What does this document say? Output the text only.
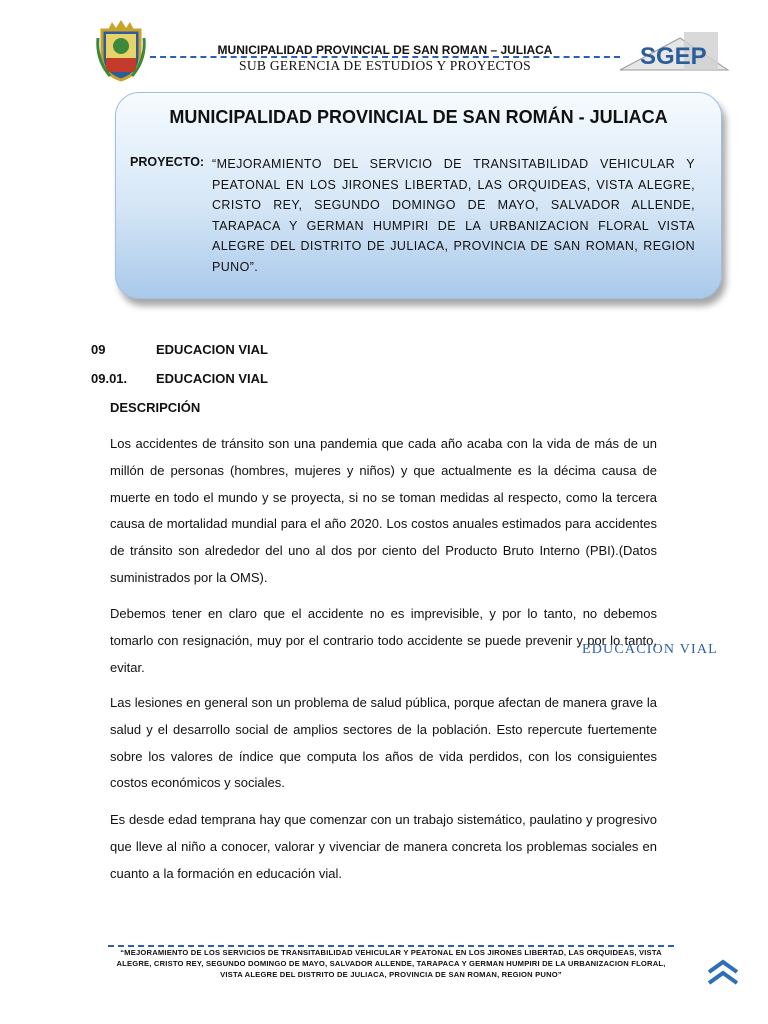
MUNICIPALIDAD PROVINCIAL DE SAN ROMAN – JULIACA
SUB GERENCIA DE ESTUDIOS Y PROYECTOS	SGEP
MUNICIPALIDAD PROVINCIAL DE SAN ROMÁN - JULIACA
PROYECTO: “MEJORAMIENTO DEL SERVICIO DE TRANSITABILIDAD VEHICULAR Y PEATONAL EN LOS JIRONES LIBERTAD, LAS ORQUIDEAS, VISTA ALEGRE, CRISTO REY, SEGUNDO DOMINGO DE MAYO, SALVADOR ALLENDE, TARAPACA Y GERMAN HUMPIRI DE LA URBANIZACION FLORAL VISTA ALEGRE DEL DISTRITO DE JULIACA, PROVINCIA DE SAN ROMAN, REGION PUNO”.
09	EDUCACION VIAL
09.01. EDUCACION VIAL
DESCRIPCIÓN
Los accidentes de tránsito son una pandemia que cada año acaba con la vida de más de un millón de personas (hombres, mujeres y niños) y que actualmente es la décima causa de muerte en todo el mundo y se proyecta, si no se toman medidas al respecto, como la tercera causa de mortalidad mundial para el año 2020. Los costos anuales estimados para accidentes de tránsito son alrededor del uno al dos por ciento del Producto Bruto Interno (PBI).(Datos suministrados por la OMS).
Debemos tener en claro que el accidente no es imprevisible, y por lo tanto, no debemos tomarlo con resignación, muy por el contrario todo accidente se puede prevenir y por lo tanto, evitar.
Las lesiones en general son un problema de salud pública, porque afectan de manera grave la salud y el desarrollo social de amplios sectores de la población. Esto repercute fuertemente sobre los valores de índice que computa los años de vida perdidos, con los consiguientes costos económicos y sociales.
Es desde edad temprana hay que comenzar con un trabajo sistemático, paulatino y progresivo que lleve al niño a conocer, valorar y vivenciar de manera concreta los problemas sociales en cuanto a la formación en educación vial.
EDUCACION VIAL
“MEJORAMIENTO DE LOS SERVICIOS DE TRANSITABILIDAD VEHICULAR Y PEATONAL EN LOS JIRONES LIBERTAD, LAS ORQUIDEAS, VISTA ALEGRE, CRISTO REY, SEGUNDO DOMINGO DE MAYO, SALVADOR ALLENDE, TARAPACA Y GERMAN HUMPIRI DE LA URBANIZACION FLORAL, VISTA ALEGRE DEL DISTRITO DE JULIACA, PROVINCIA DE SAN ROMAN, REGION PUNO”
